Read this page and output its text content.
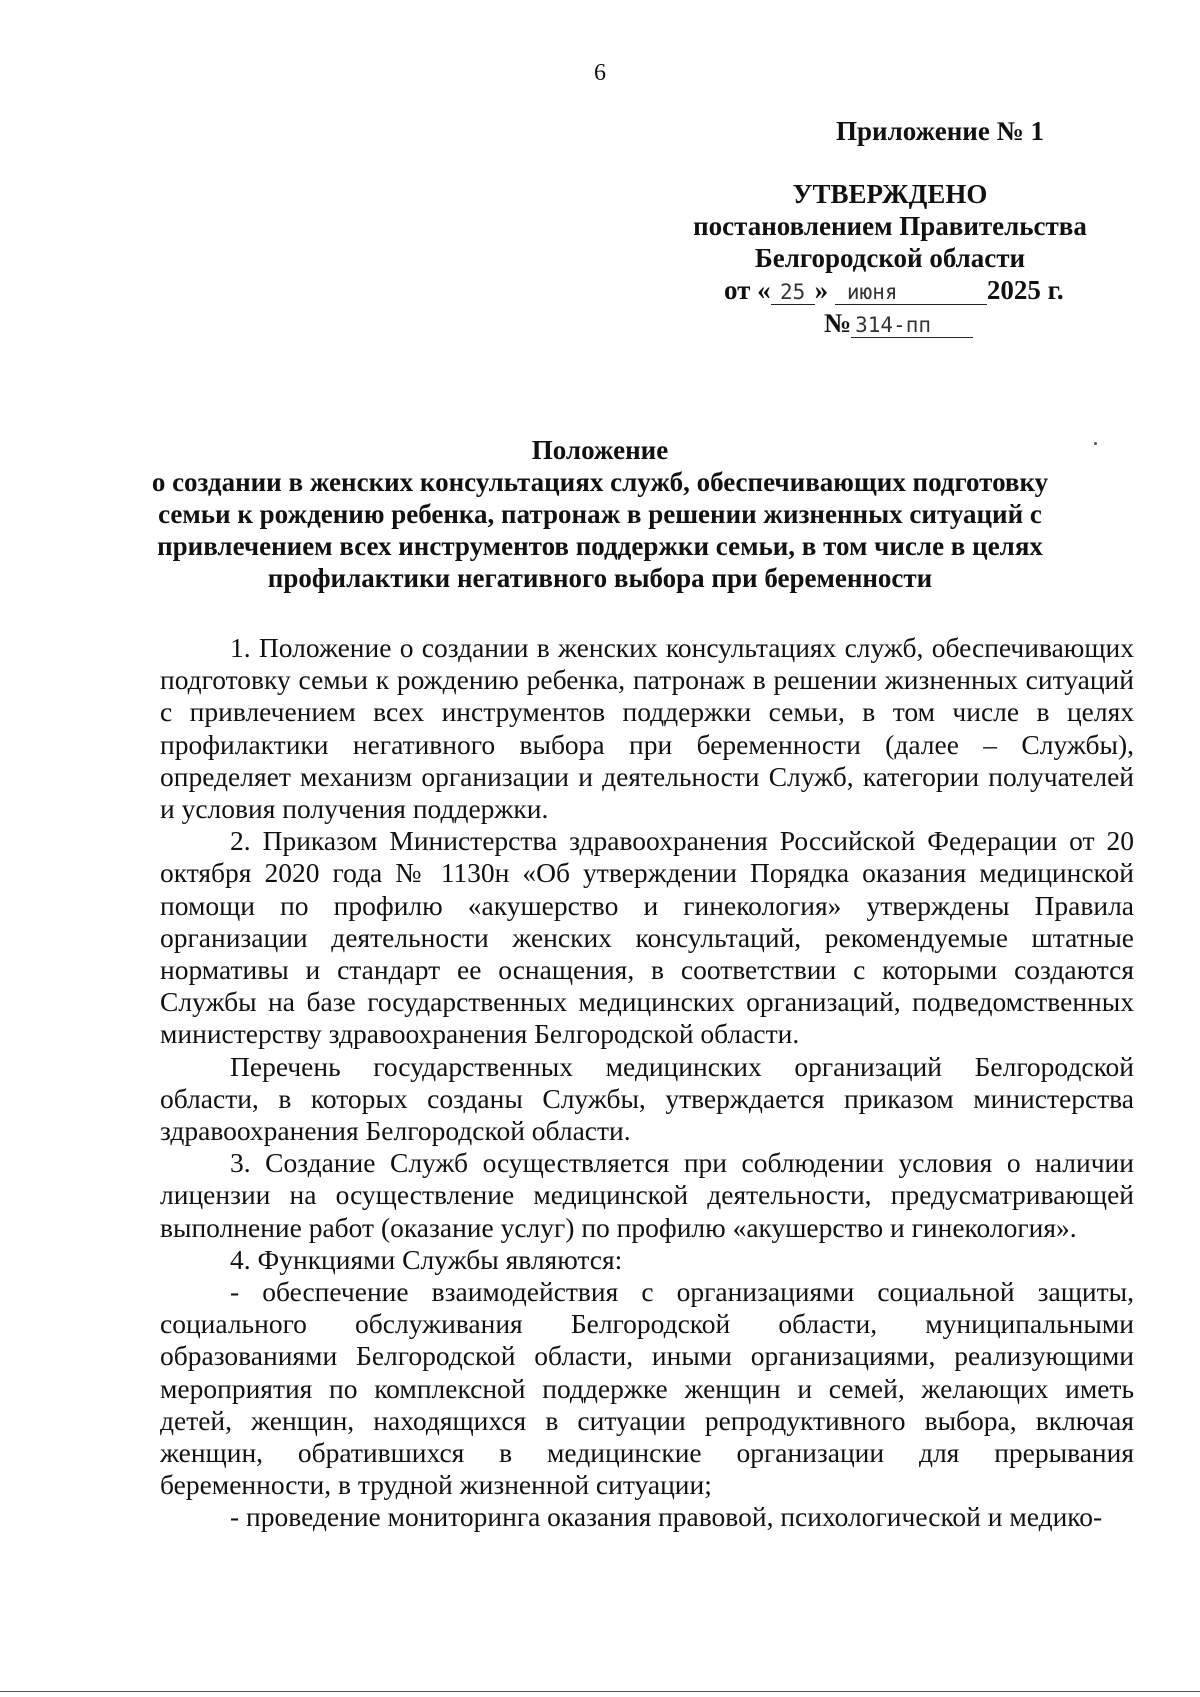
6
Приложение № 1
УТВЕРЖДЕНО
постановлением Правительства
Белгородской области
от « 25 » июня	2025 г.
№ 314-пп

Положение

о создании в женских консультациях служб, обеспечивающих подготовку семьи к рождению ребенка, патронаж в решении жизненных ситуаций с привлечением всех инструментов поддержки семьи, в том числе в целях профилактики негативного выбора при беременности

1. Положение о создании в женских консультациях служб, обеспечивающих подготовку семьи к рождению ребенка, патронаж в решении жизненных ситуаций с привлечением всех инструментов поддержки семьи, в том числе в целях профилактики негативного выбора при беременности (далее – Службы), определяет механизм организации и деятельности Служб, категории получателей и условия получения поддержки.

2. Приказом Министерства здравоохранения Российской Федерации от 20 октября 2020 года № 1130н «Об утверждении Порядка оказания медицинской помощи по профилю «акушерство и гинекология» утверждены Правила организации деятельности женских консультаций, рекомендуемые штатные нормативы и стандарт ее оснащения, в соответствии с которыми создаются Службы на базе государственных медицинских организаций, подведомственных министерству здравоохранения Белгородской области.

Перечень государственных медицинских организаций Белгородской области, в которых созданы Службы, утверждается приказом министерства здравоохранения Белгородской области.

3. Создание Служб осуществляется при соблюдении условия о наличии лицензии на осуществление медицинской деятельности, предусматривающей выполнение работ (оказание услуг) по профилю «акушерство и гинекология».

4. Функциями Службы являются:

- обеспечение взаимодействия с организациями социальной защиты, социального обслуживания Белгородской области, муниципальными образованиями Белгородской области, иными организациями, реализующими мероприятия по комплексной поддержке женщин и семей, желающих иметь детей, женщин, находящихся в ситуации репродуктивного выбора, включая женщин, обратившихся в медицинские организации для прерывания беременности, в трудной жизненной ситуации;

- проведение мониторинга оказания правовой, психологической и медико-
